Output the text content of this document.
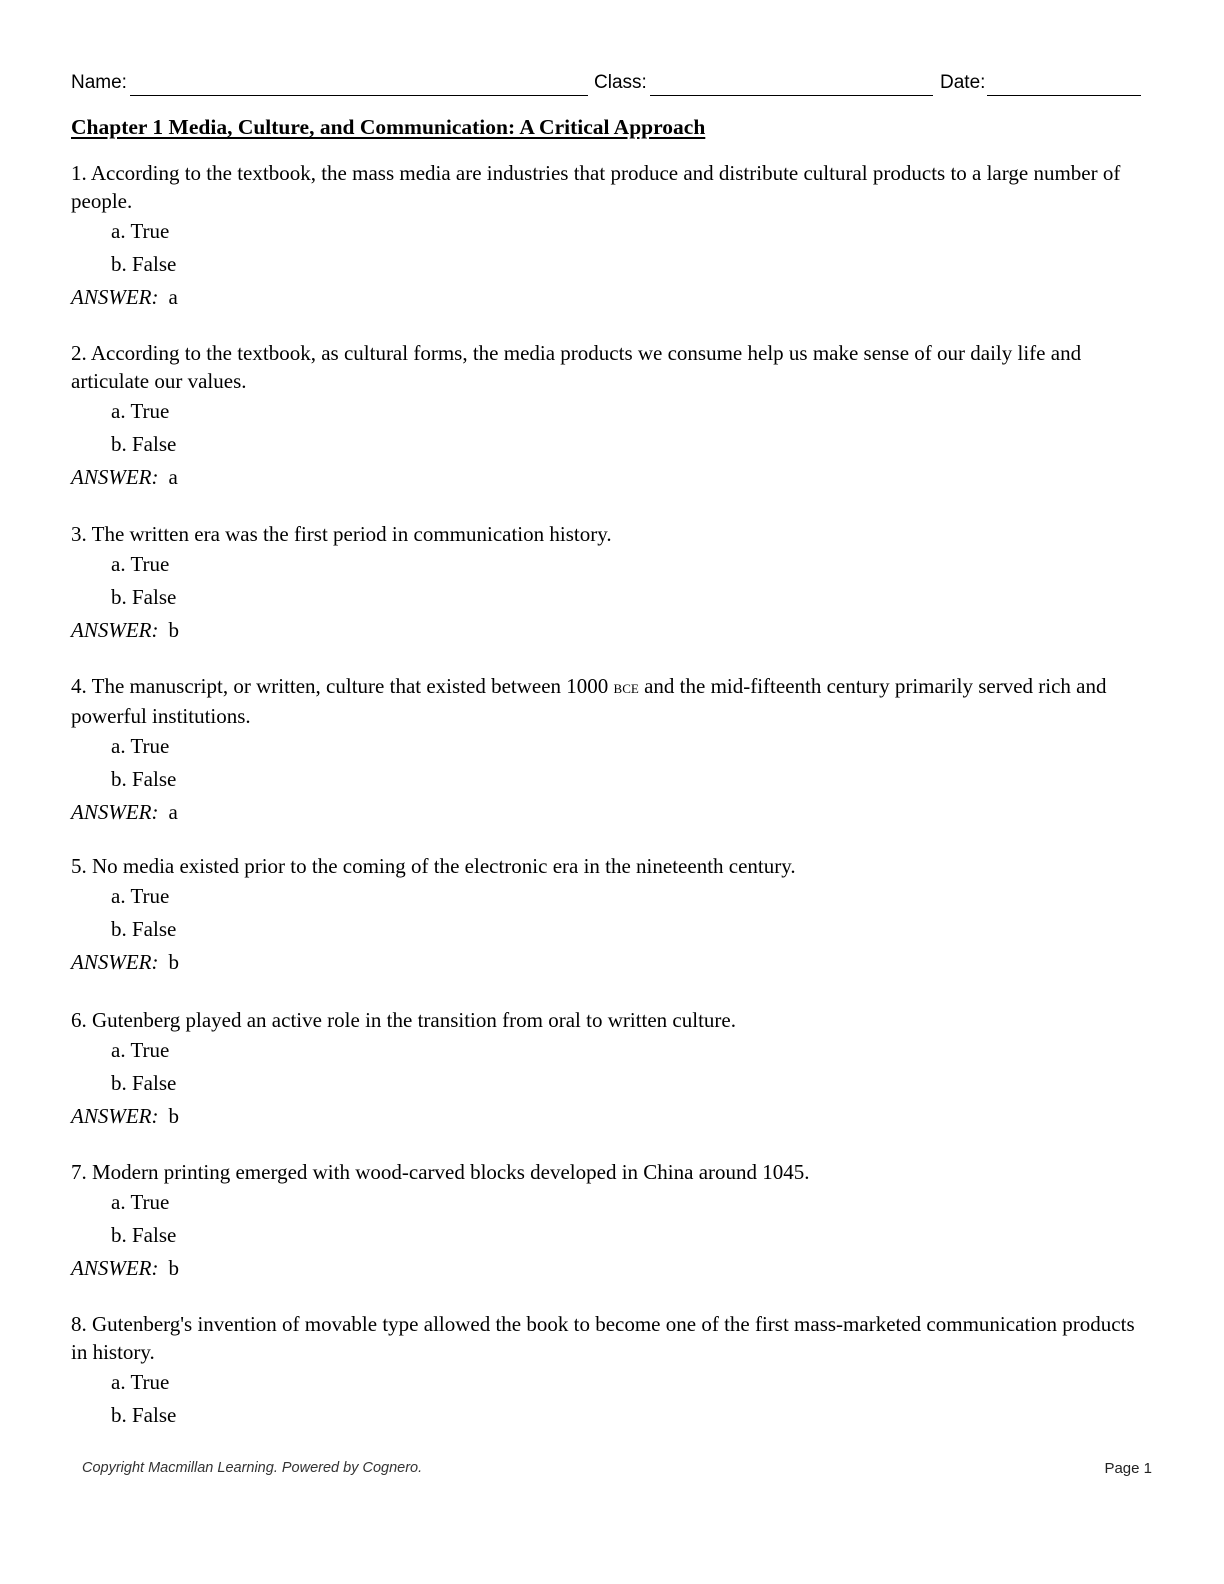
Name:	Class:	Date:
Chapter 1 Media, Culture, and Communication: A Critical Approach

1. According to the textbook, the mass media are industries that produce and distribute cultural products to a large number of people.

a. True

b. False

ANSWER: a

2. According to the textbook, as cultural forms, the media products we consume help us make sense of our daily life and articulate our values.

a. True

b. False

ANSWER: a

3. The written era was the first period in communication history.

a. True

b. False

ANSWER: b

4. The manuscript, or written, culture that existed between 1000 bce and the mid-fifteenth century primarily served rich and powerful institutions.

a. True

b. False

ANSWER: a

5. No media existed prior to the coming of the electronic era in the nineteenth century.

a. True

b. False

ANSWER: b

6. Gutenberg played an active role in the transition from oral to written culture.

a. True

b. False

ANSWER: b

7. Modern printing emerged with wood-carved blocks developed in China around 1045.

a. True

b. False

ANSWER: b

8. Gutenberg's invention of movable type allowed the book to become one of the first mass-marketed communication products in history.

a. True

b. False

Copyright Macmillan Learning. Powered by Cognero.	Page 1
